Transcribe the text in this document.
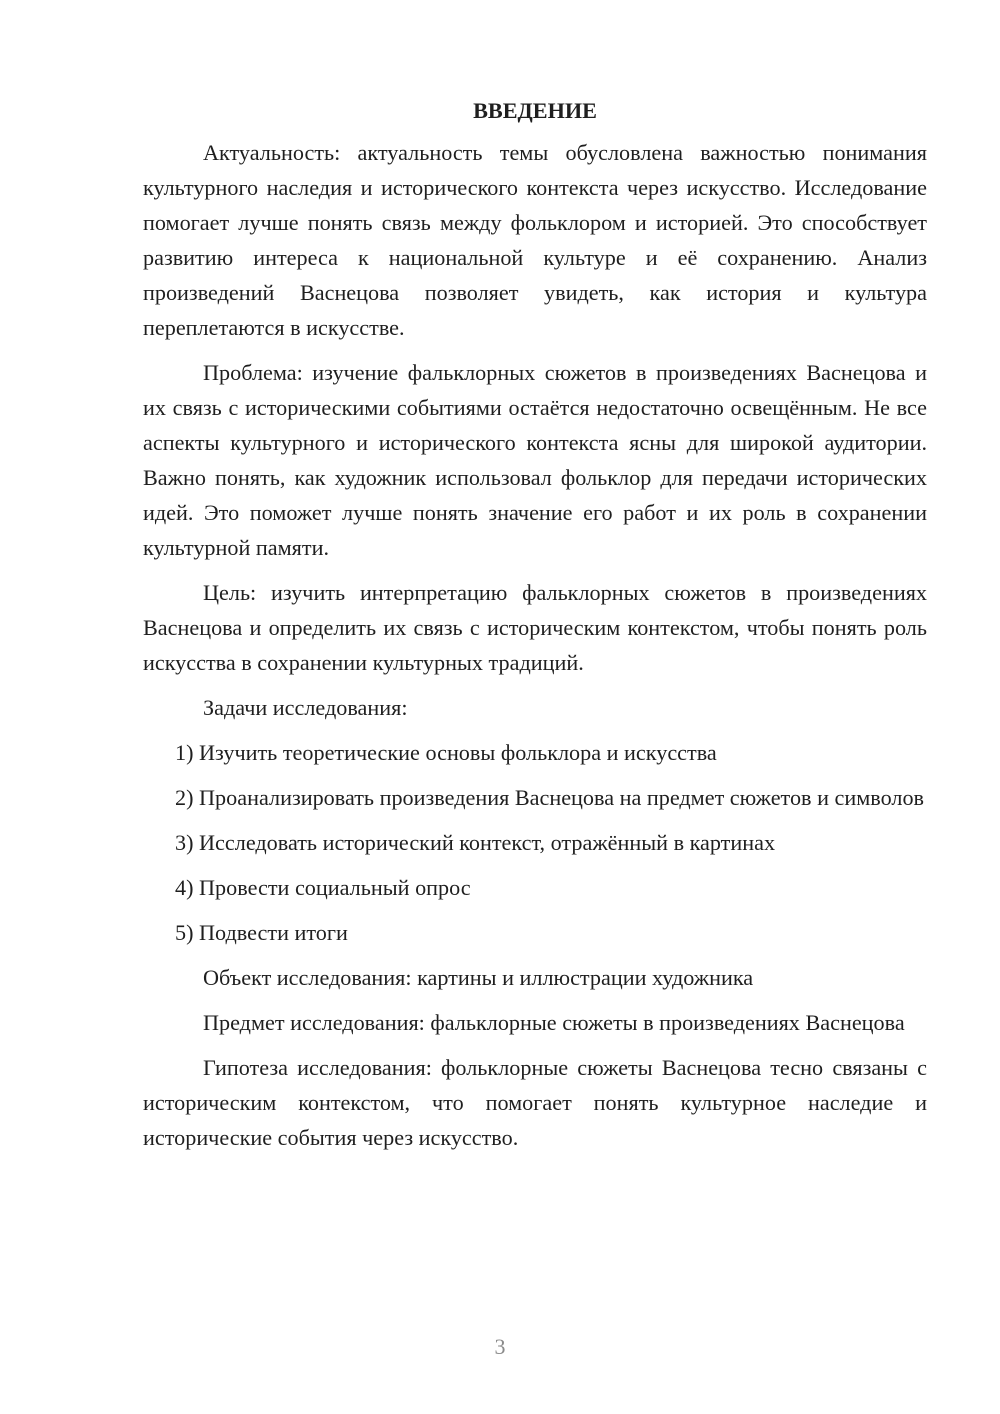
ВВЕДЕНИЕ

Актуальность: актуальность темы обусловлена важностью понимания культурного наследия и исторического контекста через искусство. Исследование помогает лучше понять связь между фольклором и историей. Это способствует развитию интереса к национальной культуре и её сохранению. Анализ произведений Васнецова позволяет увидеть, как история и культура переплетаются в искусстве.

Проблема: изучение фальклорных сюжетов в произведениях Васнецова и их связь с историческими событиями остаётся недостаточно освещённым. Не все аспекты культурного и исторического контекста ясны для широкой аудитории. Важно понять, как художник использовал фольклор для передачи исторических идей. Это поможет лучше понять значение его работ и их роль в сохранении культурной памяти.

Цель: изучить интерпретацию фальклорных сюжетов в произведениях Васнецова и определить их связь с историческим контекстом, чтобы понять роль искусства в сохранении культурных традиций.

Задачи исследования:

1) Изучить теоретические основы фольклора и искусства

2) Проанализировать произведения Васнецова на предмет сюжетов и символов

3) Исследовать исторический контекст, отражённый в картинах

4) Провести социальный опрос

5) Подвести итоги

Объект исследования: картины и иллюстрации художника

Предмет исследования: фальклорные сюжеты в произведениях Васнецова

Гипотеза исследования: фольклорные сюжеты Васнецова тесно связаны с историческим контекстом, что помогает понять культурное наследие и исторические события через искусство.

3
